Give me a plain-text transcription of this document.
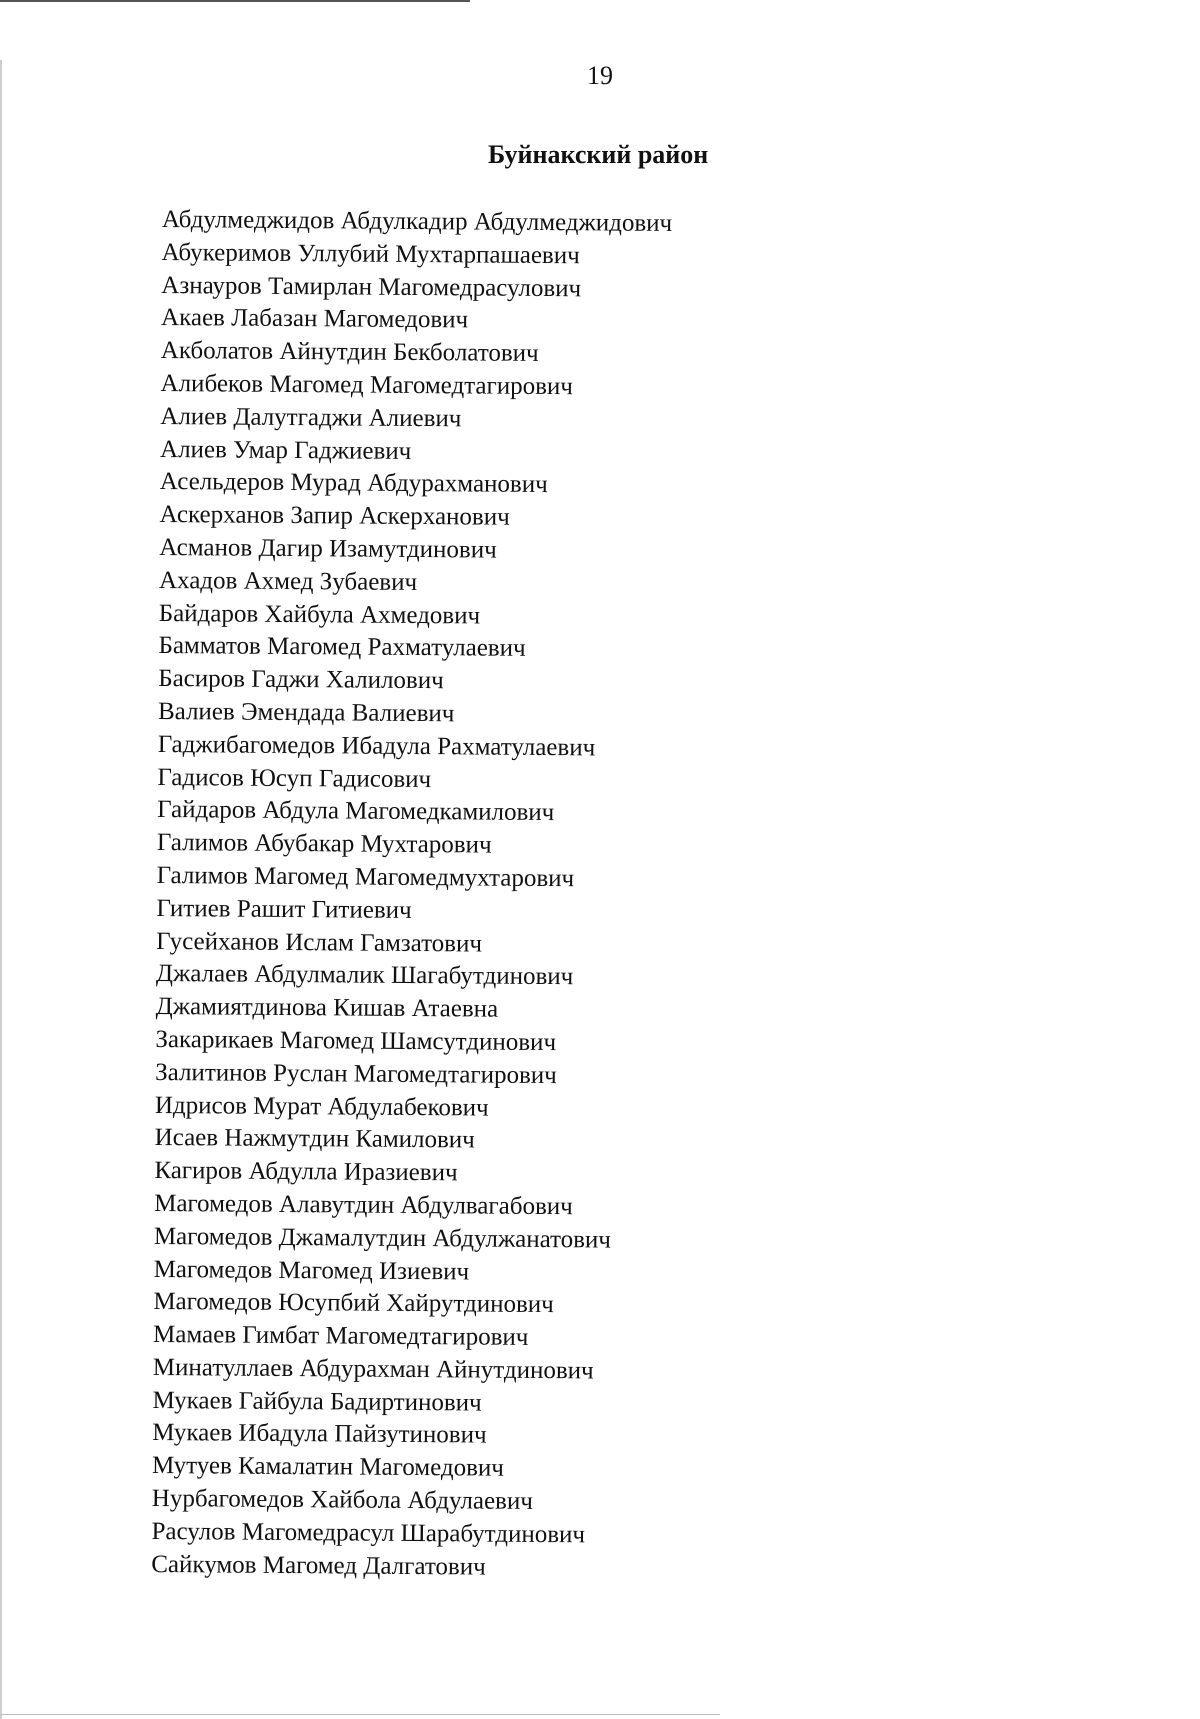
19
Буйнакский район
Абдулмеджидов Абдулкадир Абдулмеджидович
Абукеримов Уллубий Мухтарпашаевич
Азнауров Тамирлан Магомедрасулович
Акаев Лабазан Магомедович
Акболатов Айнутдин Бекболатович
Алибеков Магомед Магомедтагирович
Алиев Далутгаджи Алиевич
Алиев Умар Гаджиевич
Асельдеров Мурад Абдурахманович
Аскерханов Запир Аскерханович
Асманов Дагир Изамутдинович
Ахадов Ахмед Зубаевич
Байдаров Хайбула Ахмедович
Бамматов Магомед Рахматулаевич
Басиров Гаджи Халилович
Валиев Эмендада Валиевич
Гаджибагомедов Ибадула Рахматулаевич
Гадисов Юсуп Гадисович
Гайдаров Абдула Магомедкамилович
Галимов Абубакар Мухтарович
Галимов Магомед Магомедмухтарович
Гитиев Рашит Гитиевич
Гусейханов Ислам Гамзатович
Джалаев Абдулмалик Шагабутдинович
Джамиятдинова Кишав Атаевна
Закарикаев Магомед Шамсутдинович
Залитинов Руслан Магомедтагирович
Идрисов Мурат Абдулабекович
Исаев Нажмутдин Камилович
Кагиров Абдулла Иразиевич
Магомедов Алавутдин Абдулвагабович
Магомедов Джамалутдин Абдулжанатович
Магомедов Магомед Изиевич
Магомедов Юсупбий Хайрутдинович
Мамаев Гимбат Магомедтагирович
Минатуллаев Абдурахман Айнутдинович
Мукаев Гайбула Бадиртинович
Мукаев Ибадула Пайзутинович
Мутуев Камалатин Магомедович
Нурбагомедов Хайбола Абдулаевич
Расулов Магомедрасул Шарабутдинович
Сайкумов Магомед Далгатович
